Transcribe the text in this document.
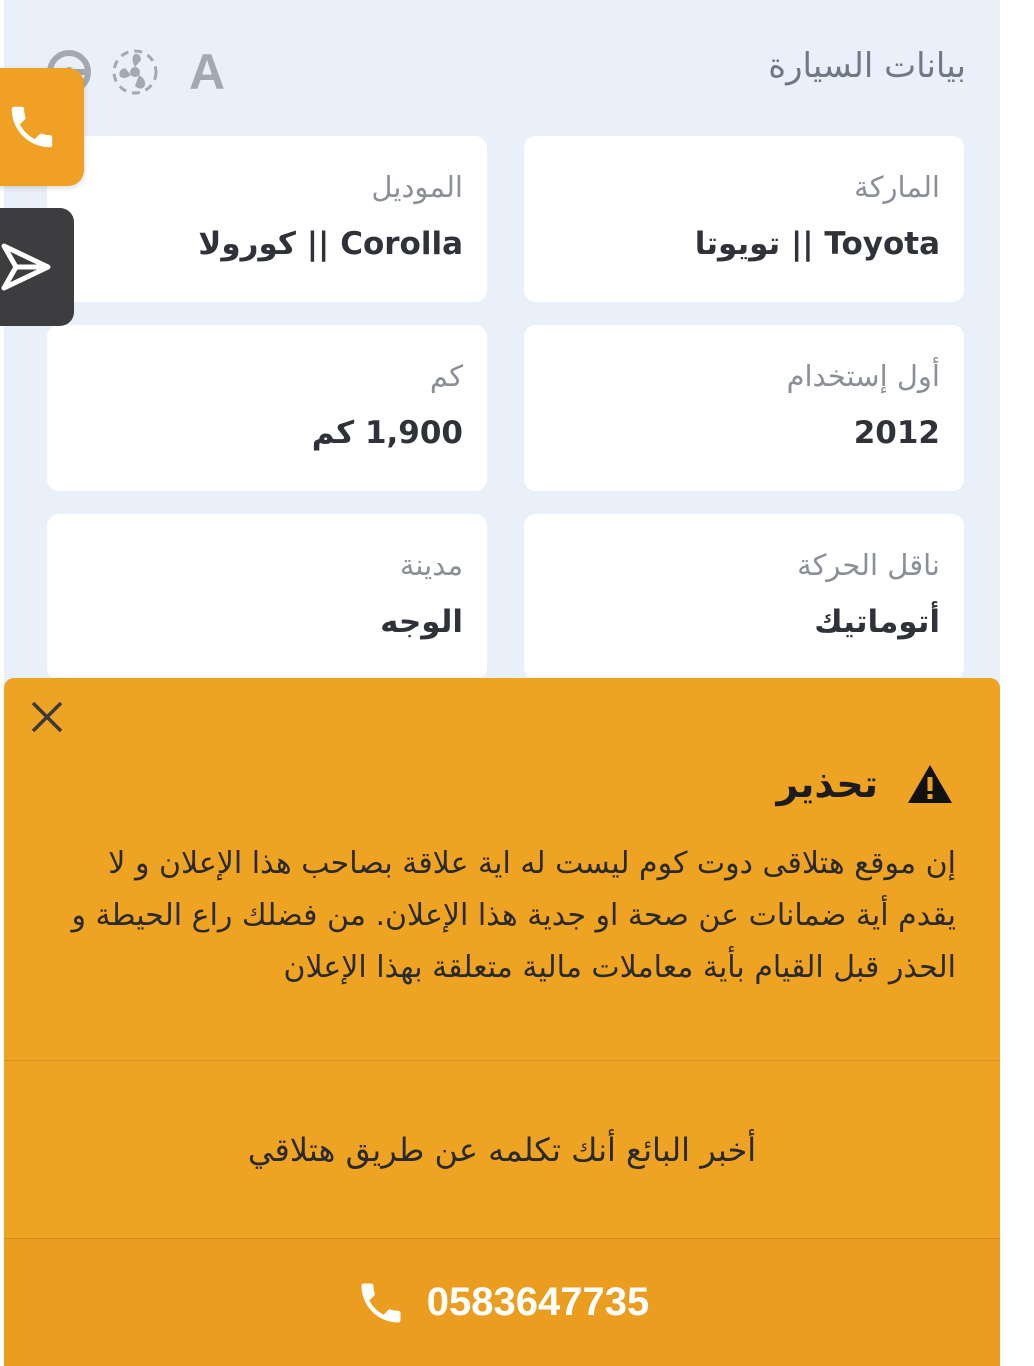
بيانات السيارة
A
الماركة
Toyota || تويوتا
الموديل
Corolla || كورولا
أول إستخدام
2012
كم
1,900 كم
ناقل الحركة
أتوماتيك
مدينة
الوجه
تحذير
إن موقع هتلاقى دوت كوم ليست له اية علاقة بصاحب هذا الإعلان و لا يقدم أية ضمانات عن صحة او جدية هذا الإعلان. من فضلك راع الحيطة و الحذر قبل القيام بأية معاملات مالية متعلقة بهذا الإعلان
أخبر البائع أنك تكلمه عن طريق هتلاقي
0583647735
